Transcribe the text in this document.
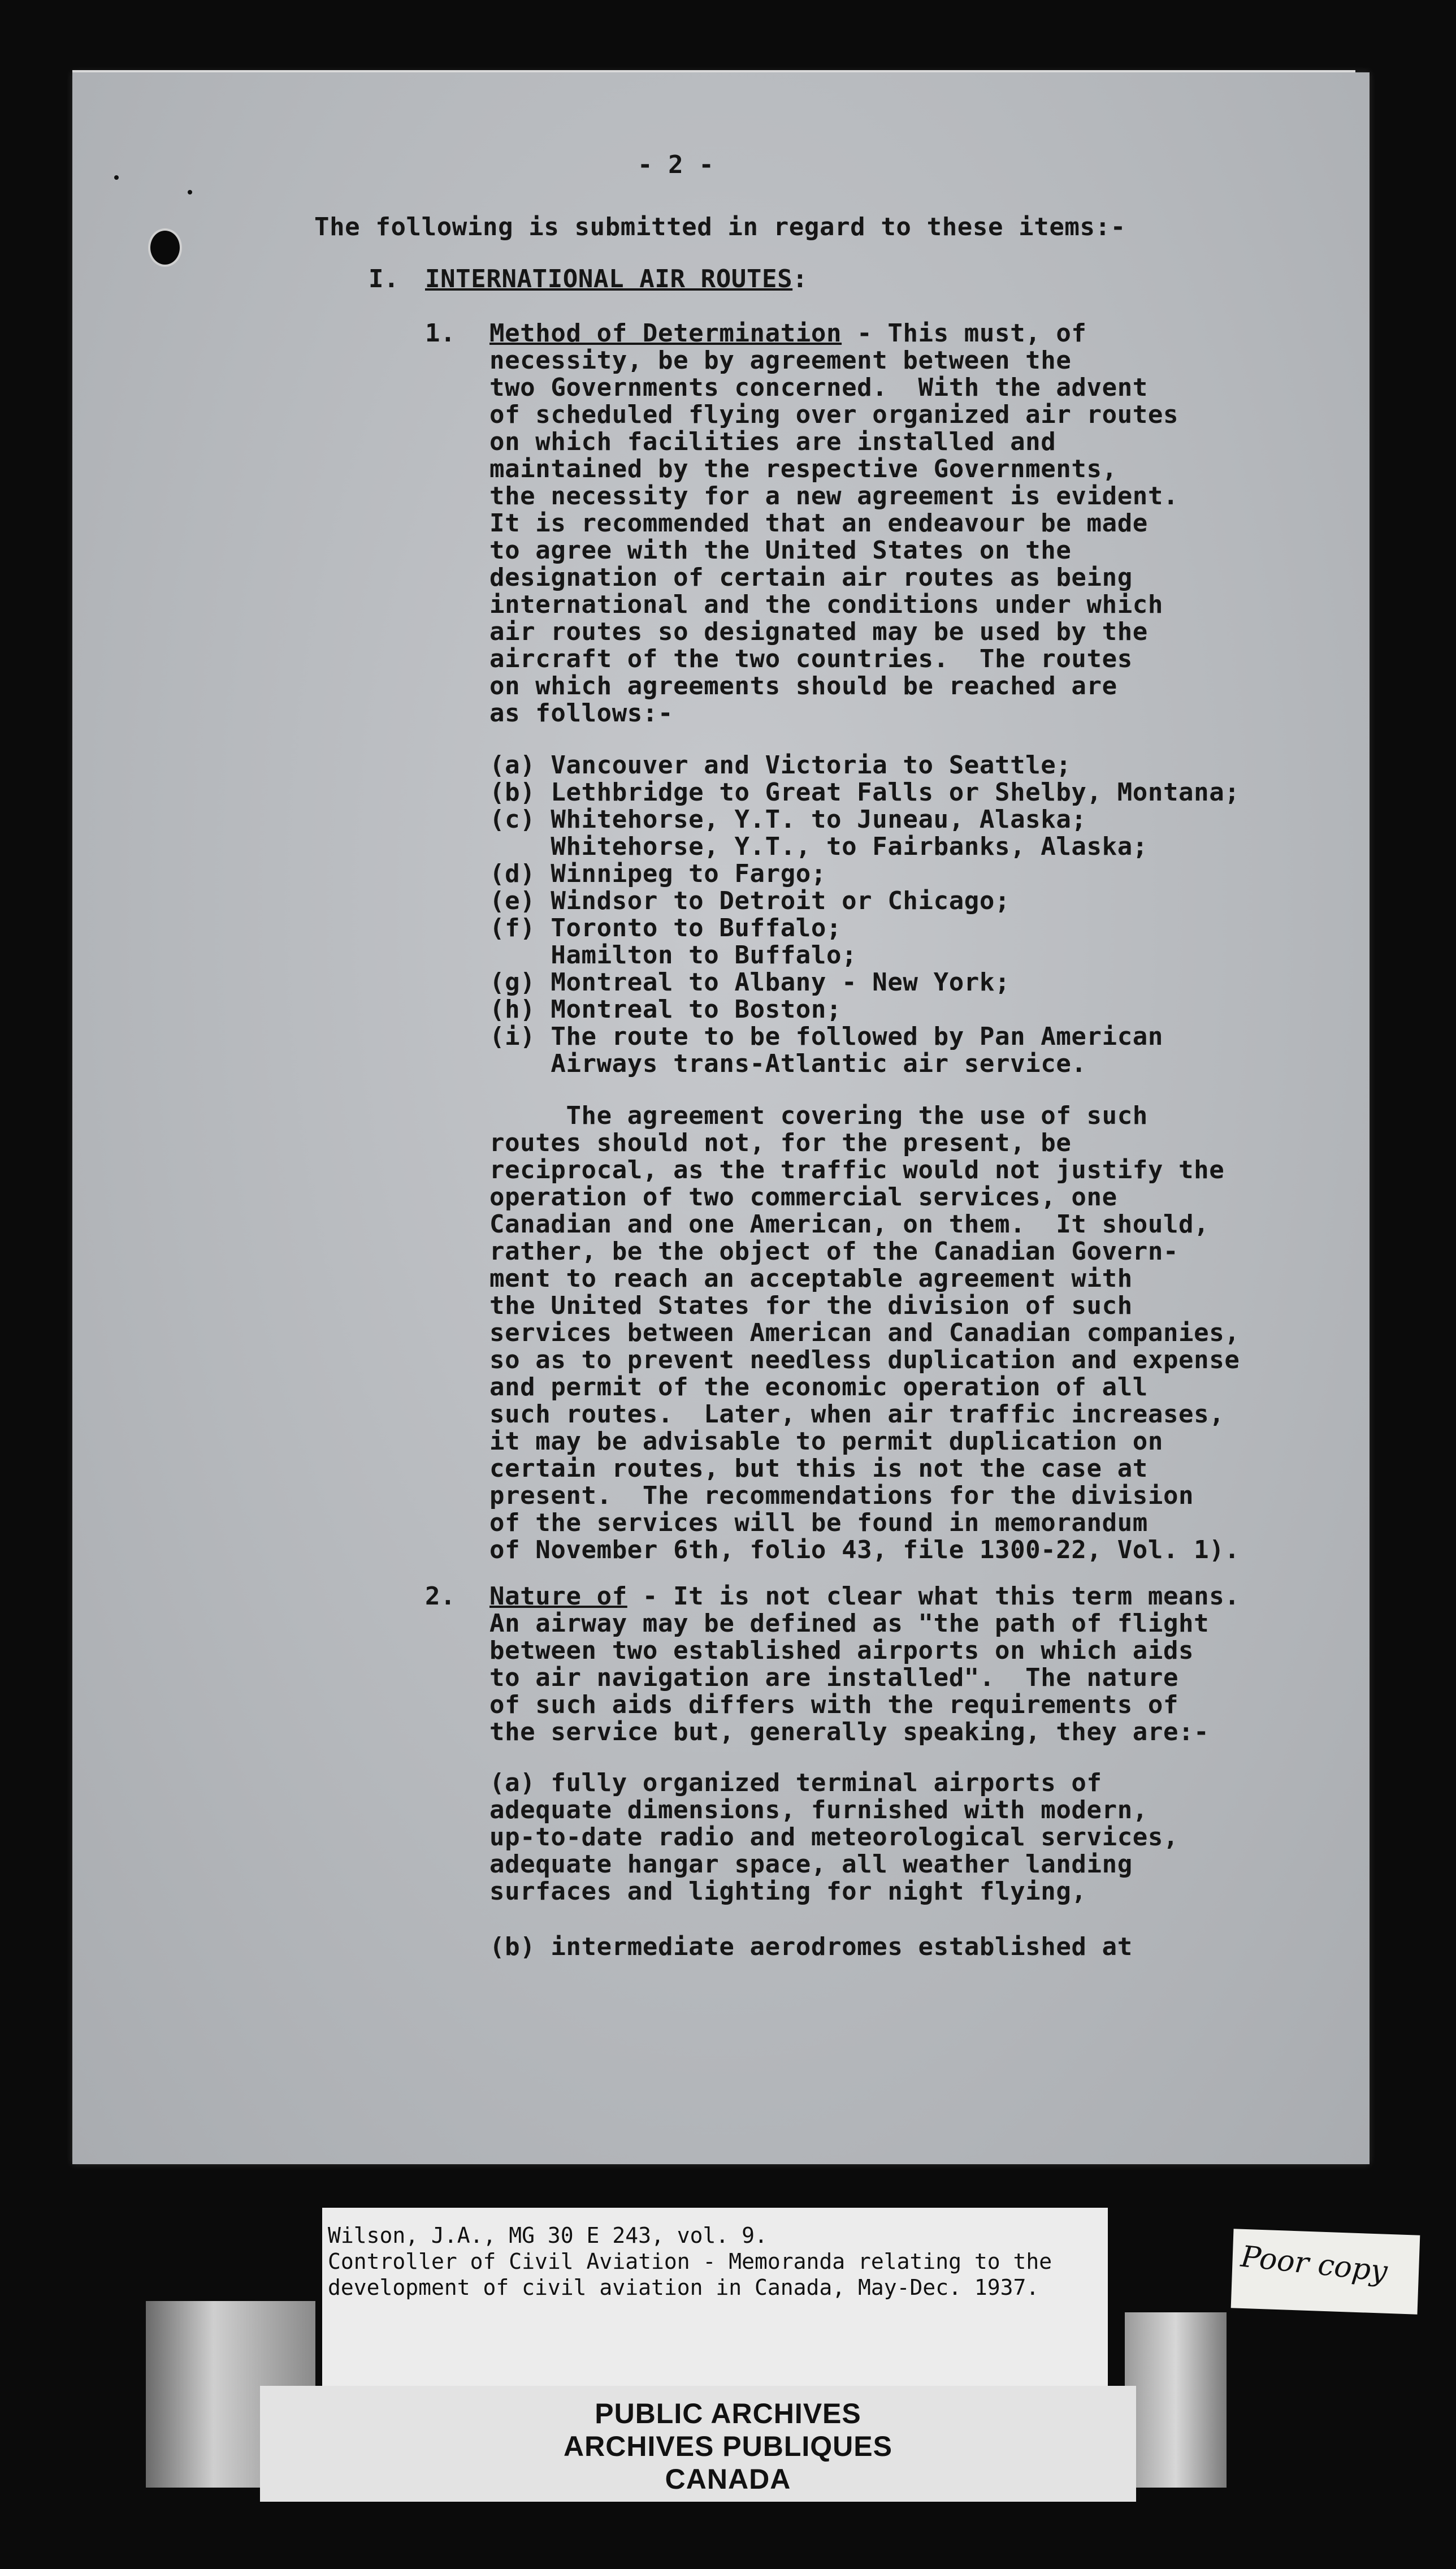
- 2 -
The following is submitted in regard to these items:-
I. INTERNATIONAL AIR ROUTES:
1. Method of Determination - This must, of
necessity, be by agreement between the
two Governments concerned.  With the advent
of scheduled flying over organized air routes
on which facilities are installed and
maintained by the respective Governments,
the necessity for a new agreement is evident.
It is recommended that an endeavour be made
to agree with the United States on the
designation of certain air routes as being
international and the conditions under which
air routes so designated may be used by the
aircraft of the two countries.  The routes
on which agreements should be reached are
as follows:-
(a) Vancouver and Victoria to Seattle;
(b) Lethbridge to Great Falls or Shelby, Montana;
(c) Whitehorse, Y.T. to Juneau, Alaska;
Whitehorse, Y.T., to Fairbanks, Alaska;
(d) Winnipeg to Fargo;
(e) Windsor to Detroit or Chicago;
(f) Toronto to Buffalo;
Hamilton to Buffalo;
(g) Montreal to Albany - New York;
(h) Montreal to Boston;
(i) The route to be followed by Pan American
Airways trans-Atlantic air service.
The agreement covering the use of such
routes should not, for the present, be
reciprocal, as the traffic would not justify the
operation of two commercial services, one
Canadian and one American, on them.  It should,
rather, be the object of the Canadian Govern-
ment to reach an acceptable agreement with
the United States for the division of such
services between American and Canadian companies,
so as to prevent needless duplication and expense
and permit of the economic operation of all
such routes.  Later, when air traffic increases,
it may be advisable to permit duplication on
certain routes, but this is not the case at
present.  The recommendations for the division
of the services will be found in memorandum
of November 6th, folio 43, file 1300-22, Vol. 1).
2. Nature of - It is not clear what this term means.
An airway may be defined as "the path of flight
between two established airports on which aids
to air navigation are installed".  The nature
of such aids differs with the requirements of
the service but, generally speaking, they are:-
(a) fully organized terminal airports of
adequate dimensions, furnished with modern,
up-to-date radio and meteorological services,
adequate hangar space, all weather landing
surfaces and lighting for night flying,
(b) intermediate aerodromes established at
Wilson, J.A., MG 30 E 243, vol. 9.
Controller of Civil Aviation - Memoranda relating to the
development of civil aviation in Canada, May-Dec. 1937.	Poor copy
PUBLIC ARCHIVES
ARCHIVES PUBLIQUES
CANADA
